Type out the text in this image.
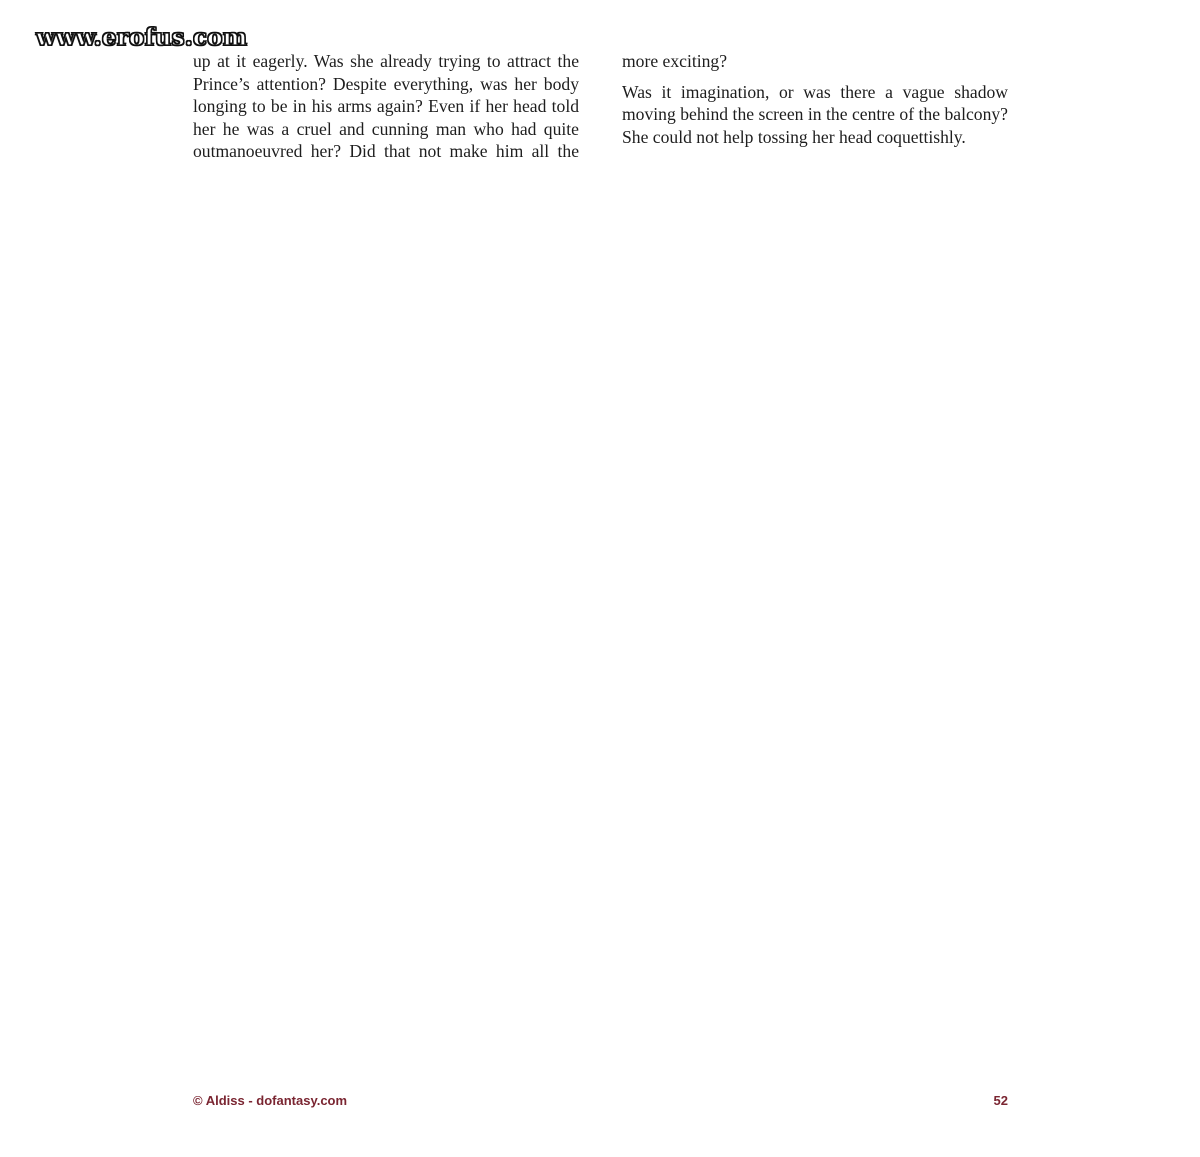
www.erofus.com

up at it eagerly. Was she already trying to attract the Prince’s attention? Despite everything, was her body longing to be in his arms again? Even if her head told her he was a cruel and cunning man who had quite outmanoeuvred her? Did that not make him all the

more exciting?

Was it imagination, or was there a vague shadow moving behind the screen in the centre of the balcony? She could not help tossing her head coquettishly.

© Aldiss - dofantasy.com	52
